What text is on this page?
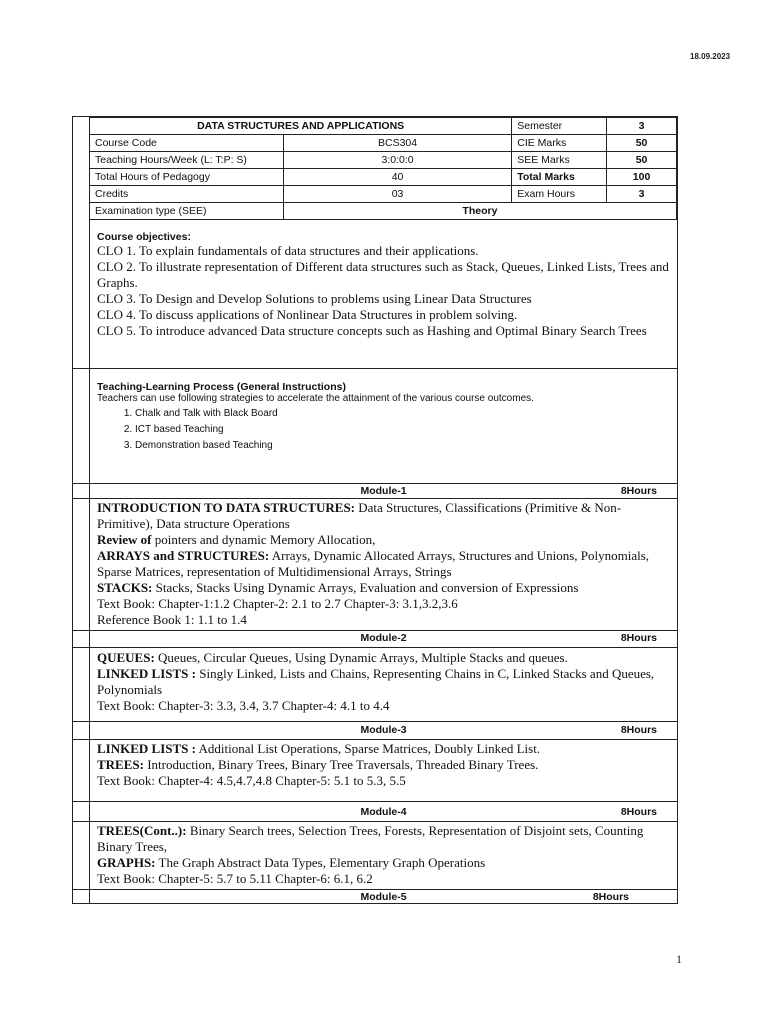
18.09.2023
DATA STRUCTURES AND APPLICATIONS		Semester	3
Course Code	BCS304	CIE Marks	50
Teaching Hours/Week (L: T:P: S)	3:0:0:0	SEE Marks	50
Total Hours of Pedagogy	40	Total Marks	100
Credits	03	Exam Hours	3
Examination type (SEE)	Theory		
Course objectives:
CLO 1. To explain fundamentals of data structures and their applications.
CLO 2. To illustrate representation of Different data structures such as Stack, Queues, Linked Lists, Trees and Graphs.
CLO 3. To Design and Develop Solutions to problems using Linear Data Structures
CLO 4. To discuss applications of Nonlinear Data Structures in problem solving.
CLO 5. To introduce advanced Data structure concepts such as Hashing and Optimal Binary Search Trees
Teaching-Learning Process (General Instructions)
Teachers can use following strategies to accelerate the attainment of the various course outcomes.
1. Chalk and Talk with Black Board
2. ICT based Teaching
3. Demonstration based Teaching
Module-1	8Hours

INTRODUCTION TO DATA STRUCTURES: Data Structures, Classifications (Primitive & Non-Primitive), Data structure Operations

Review of pointers and dynamic Memory Allocation,

ARRAYS and STRUCTURES: Arrays, Dynamic Allocated Arrays, Structures and Unions, Polynomials, Sparse Matrices, representation of Multidimensional Arrays, Strings

STACKS: Stacks, Stacks Using Dynamic Arrays, Evaluation and conversion of Expressions

Text Book: Chapter-1:1.2 Chapter-2: 2.1 to 2.7 Chapter-3: 3.1,3.2,3.6

Reference Book 1: 1.1 to 1.4

Module-2	8Hours

QUEUES: Queues, Circular Queues, Using Dynamic Arrays, Multiple Stacks and queues.

LINKED LISTS : Singly Linked, Lists and Chains, Representing Chains in C, Linked Stacks and Queues, Polynomials

Text Book: Chapter-3: 3.3, 3.4, 3.7 Chapter-4: 4.1 to 4.4

Module-3	8Hours

LINKED LISTS : Additional List Operations, Sparse Matrices, Doubly Linked List.

TREES: Introduction, Binary Trees, Binary Tree Traversals, Threaded Binary Trees.

Text Book: Chapter-4: 4.5,4.7,4.8 Chapter-5: 5.1 to 5.3, 5.5

Module-4	8Hours

TREES(Cont..): Binary Search trees, Selection Trees, Forests, Representation of Disjoint sets, Counting Binary Trees,

GRAPHS: The Graph Abstract Data Types, Elementary Graph Operations

Text Book: Chapter-5: 5.7 to 5.11 Chapter-6: 6.1, 6.2

Module-5	8Hours
1
